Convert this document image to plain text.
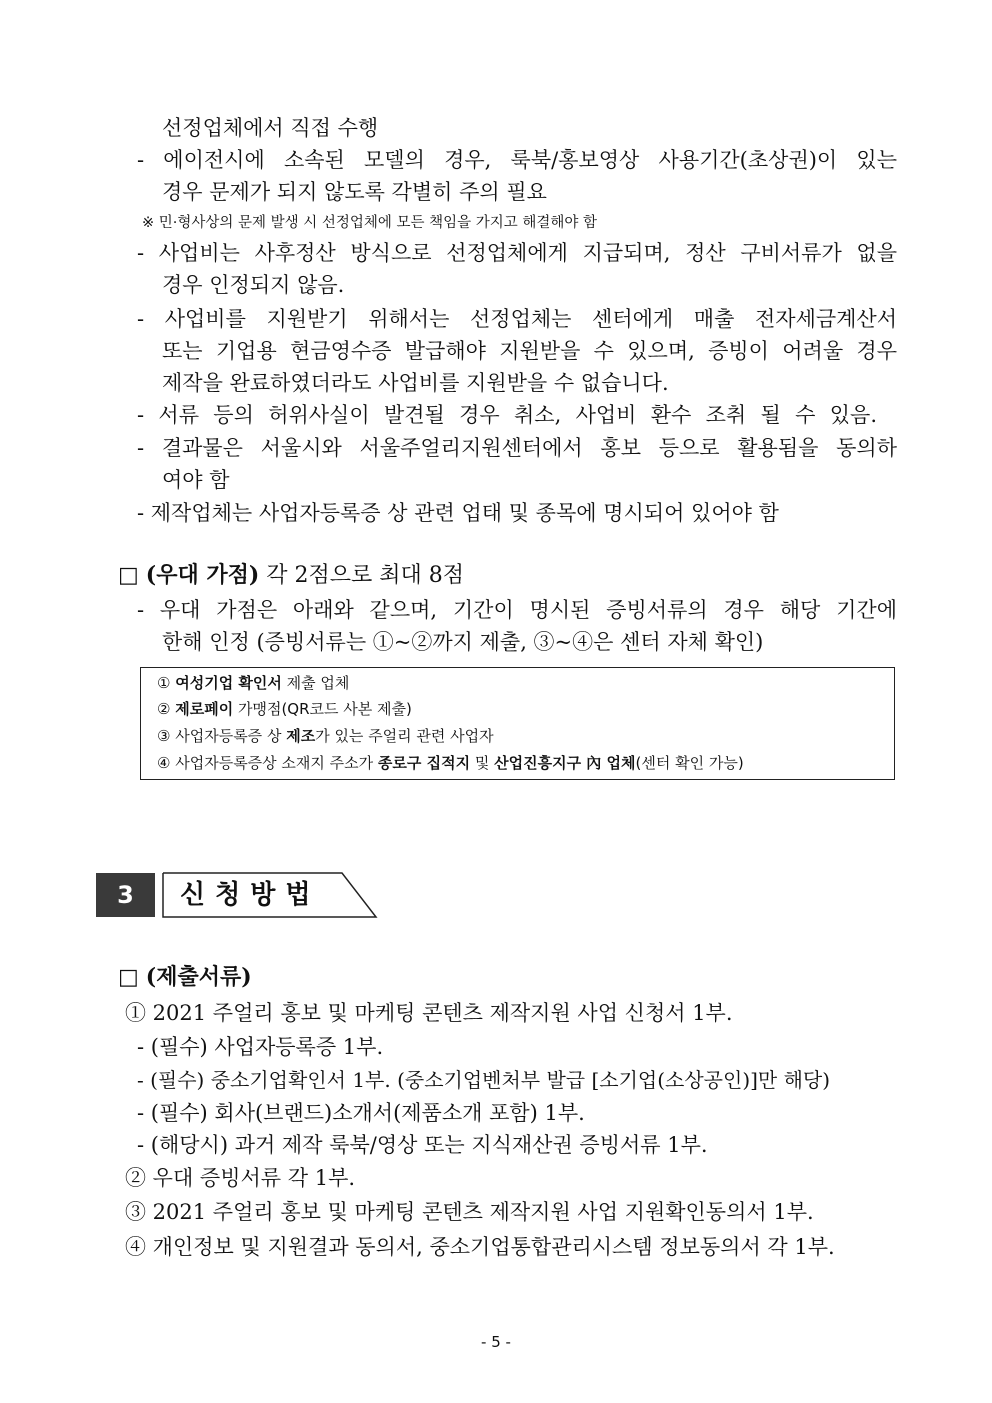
선정업체에서 직접 수행
- 에이전시에 소속된 모델의 경우, 룩북/홍보영상 사용기간(초상권)이 있는
경우 문제가 되지 않도록 각별히 주의 필요
※ 민·형사상의 문제 발생 시 선정업체에 모든 책임을 가지고 해결해야 함
- 사업비는 사후정산 방식으로 선정업체에게 지급되며, 정산 구비서류가 없을
경우 인정되지 않음.
- 사업비를 지원받기 위해서는 선정업체는 센터에게 매출 전자세금계산서
또는 기업용 현금영수증 발급해야 지원받을 수 있으며, 증빙이 어려울 경우
제작을 완료하였더라도 사업비를 지원받을 수 없습니다.
- 서류 등의 허위사실이 발견될 경우 취소, 사업비 환수 조취 될 수 있음.
- 결과물은 서울시와 서울주얼리지원센터에서 홍보 등으로 활용됨을 동의하
여야 함
- 제작업체는 사업자등록증 상 관련 업태 및 종목에 명시되어 있어야 함
□ (우대 가점) 각 2점으로 최대 8점
- 우대 가점은 아래와 같으며, 기간이 명시된 증빙서류의 경우 해당 기간에
한해 인정 (증빙서류는 ①~②까지 제출, ③~④은 센터 자체 확인)
① 여성기업 확인서 제출 업체
② 제로페이 가맹점(QR코드 사본 제출)
③ 사업자등록증 상 제조가 있는 주얼리 관련 사업자
④ 사업자등록증상 소재지 주소가 종로구 집적지 및 산업진흥지구 內 업체(센터 확인 가능)
3	신청방법
□ (제출서류)
① 2021 주얼리 홍보 및 마케팅 콘텐츠 제작지원 사업 신청서 1부.
- (필수) 사업자등록증 1부.
- (필수) 중소기업확인서 1부. (중소기업벤처부 발급 [소기업(소상공인)]만 해당)
- (필수) 회사(브랜드)소개서(제품소개 포함) 1부.
- (해당시) 과거 제작 룩북/영상 또는 지식재산권 증빙서류 1부.
② 우대 증빙서류 각 1부.
③ 2021 주얼리 홍보 및 마케팅 콘텐츠 제작지원 사업 지원확인동의서 1부.
④ 개인정보 및 지원결과 동의서, 중소기업통합관리시스템 정보동의서 각 1부.
- 5 -
